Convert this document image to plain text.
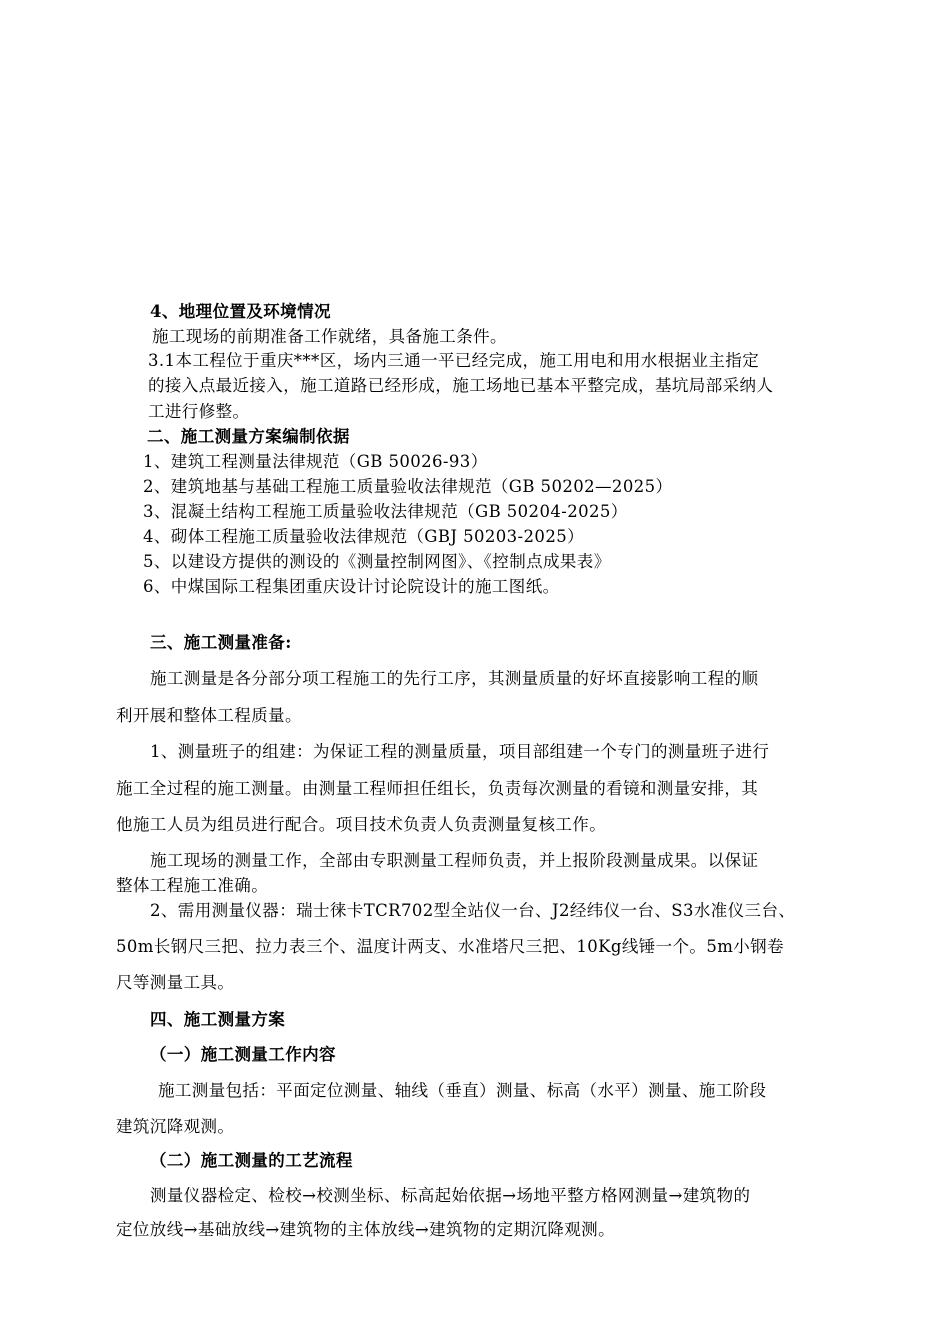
4、地理位置及环境情况
施工现场的前期准备工作就绪，具备施工条件。
3.1本工程位于重庆***区，场内三通一平已经完成，施工用电和用水根据业主指定
的接入点最近接入，施工道路已经形成，施工场地已基本平整完成，基坑局部采纳人
工进行修整。
二、施工测量方案编制依据
1、建筑工程测量法律规范（GB 50026-93）
2、建筑地基与基础工程施工质量验收法律规范（GB 50202—2025）
3、混凝土结构工程施工质量验收法律规范（GB 50204-2025）
4、砌体工程施工质量验收法律规范（GBJ 50203-2025）
5、以建设方提供的测设的《测量控制网图》、《控制点成果表》
6、中煤国际工程集团重庆设计讨论院设计的施工图纸。
三、施工测量准备:
施工测量是各分部分项工程施工的先行工序，其测量质量的好坏直接影响工程的顺
利开展和整体工程质量。
1、测量班子的组建：为保证工程的测量质量，项目部组建一个专门的测量班子进行
施工全过程的施工测量。由测量工程师担任组长，负责每次测量的看镜和测量安排，其
他施工人员为组员进行配合。项目技术负责人负责测量复核工作。
施工现场的测量工作，全部由专职测量工程师负责，并上报阶段测量成果。以保证
整体工程施工准确。
2、需用测量仪器：瑞士徕卡TCR702型全站仪一台、J2经纬仪一台、S3水准仪三台、
50m长钢尺三把、拉力表三个、温度计两支、水准塔尺三把、10Kg线锤一个。5m小钢卷
尺等测量工具。
四、施工测量方案
（一）施工测量工作内容
施工测量包括：平面定位测量、轴线（垂直）测量、标高（水平）测量、施工阶段
建筑沉降观测。
（二）施工测量的工艺流程
测量仪器检定、检校→校测坐标、标高起始依据→场地平整方格网测量→建筑物的
定位放线→基础放线→建筑物的主体放线→建筑物的定期沉降观测。
